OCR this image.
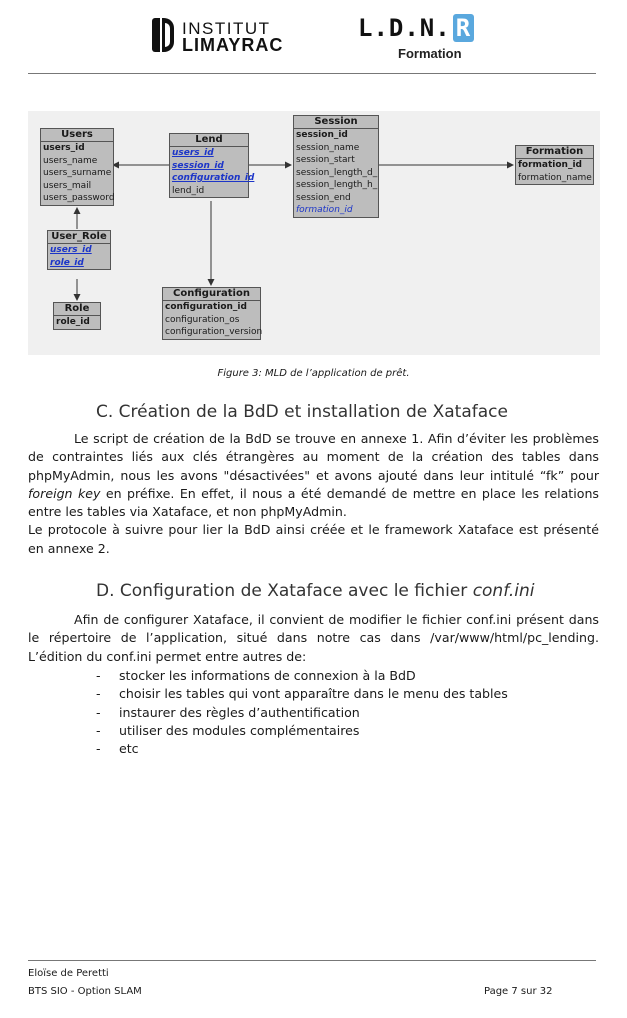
INSTITUT
LIMAYRAC
L.D.N. R
Formation
Users
users_id
users_name
users_surname
users_mail
users_password
Lend
users_id
session_id
configuration_id
lend_id
Session
session_id
session_name
session_start
session_length_d_
session_length_h_
session_end
formation_id
Formation
formation_id
formation_name
User_Role
users_id
role_id
Role
role_id
Configuration
configuration_id
configuration_os
configuration_version
Figure 3: MLD de l’application de prêt.
C. Création de la BdD et installation de Xataface

Le script de création de la BdD se trouve en annexe 1. Afin d’éviter les problèmes de contraintes liés aux clés étrangères au moment de la création des tables dans phpMyAdmin, nous les avons "désactivées" et avons ajouté dans leur intitulé “fk” pour foreign key en préfixe. En effet, il nous a été demandé de mettre en place les relations entre les tables via Xataface, et non phpMyAdmin.

Le protocole à suivre pour lier la BdD ainsi créée et le framework Xataface est présenté en annexe 2.

D. Configuration de Xataface avec le fichier conf.ini

Afin de configurer Xataface, il convient de modifier le fichier conf.ini présent dans le répertoire de l’application, situé dans notre cas dans /var/www/html/pc_lending. L’édition du conf.ini permet entre autres de:

- stocker les informations de connexion à la BdD
- choisir les tables qui vont apparaître dans le menu des tables
- instaurer des règles d’authentification
- utiliser des modules complémentaires
- etc
Eloïse de Peretti
BTS SIO - Option SLAM	Page 7 sur 32
